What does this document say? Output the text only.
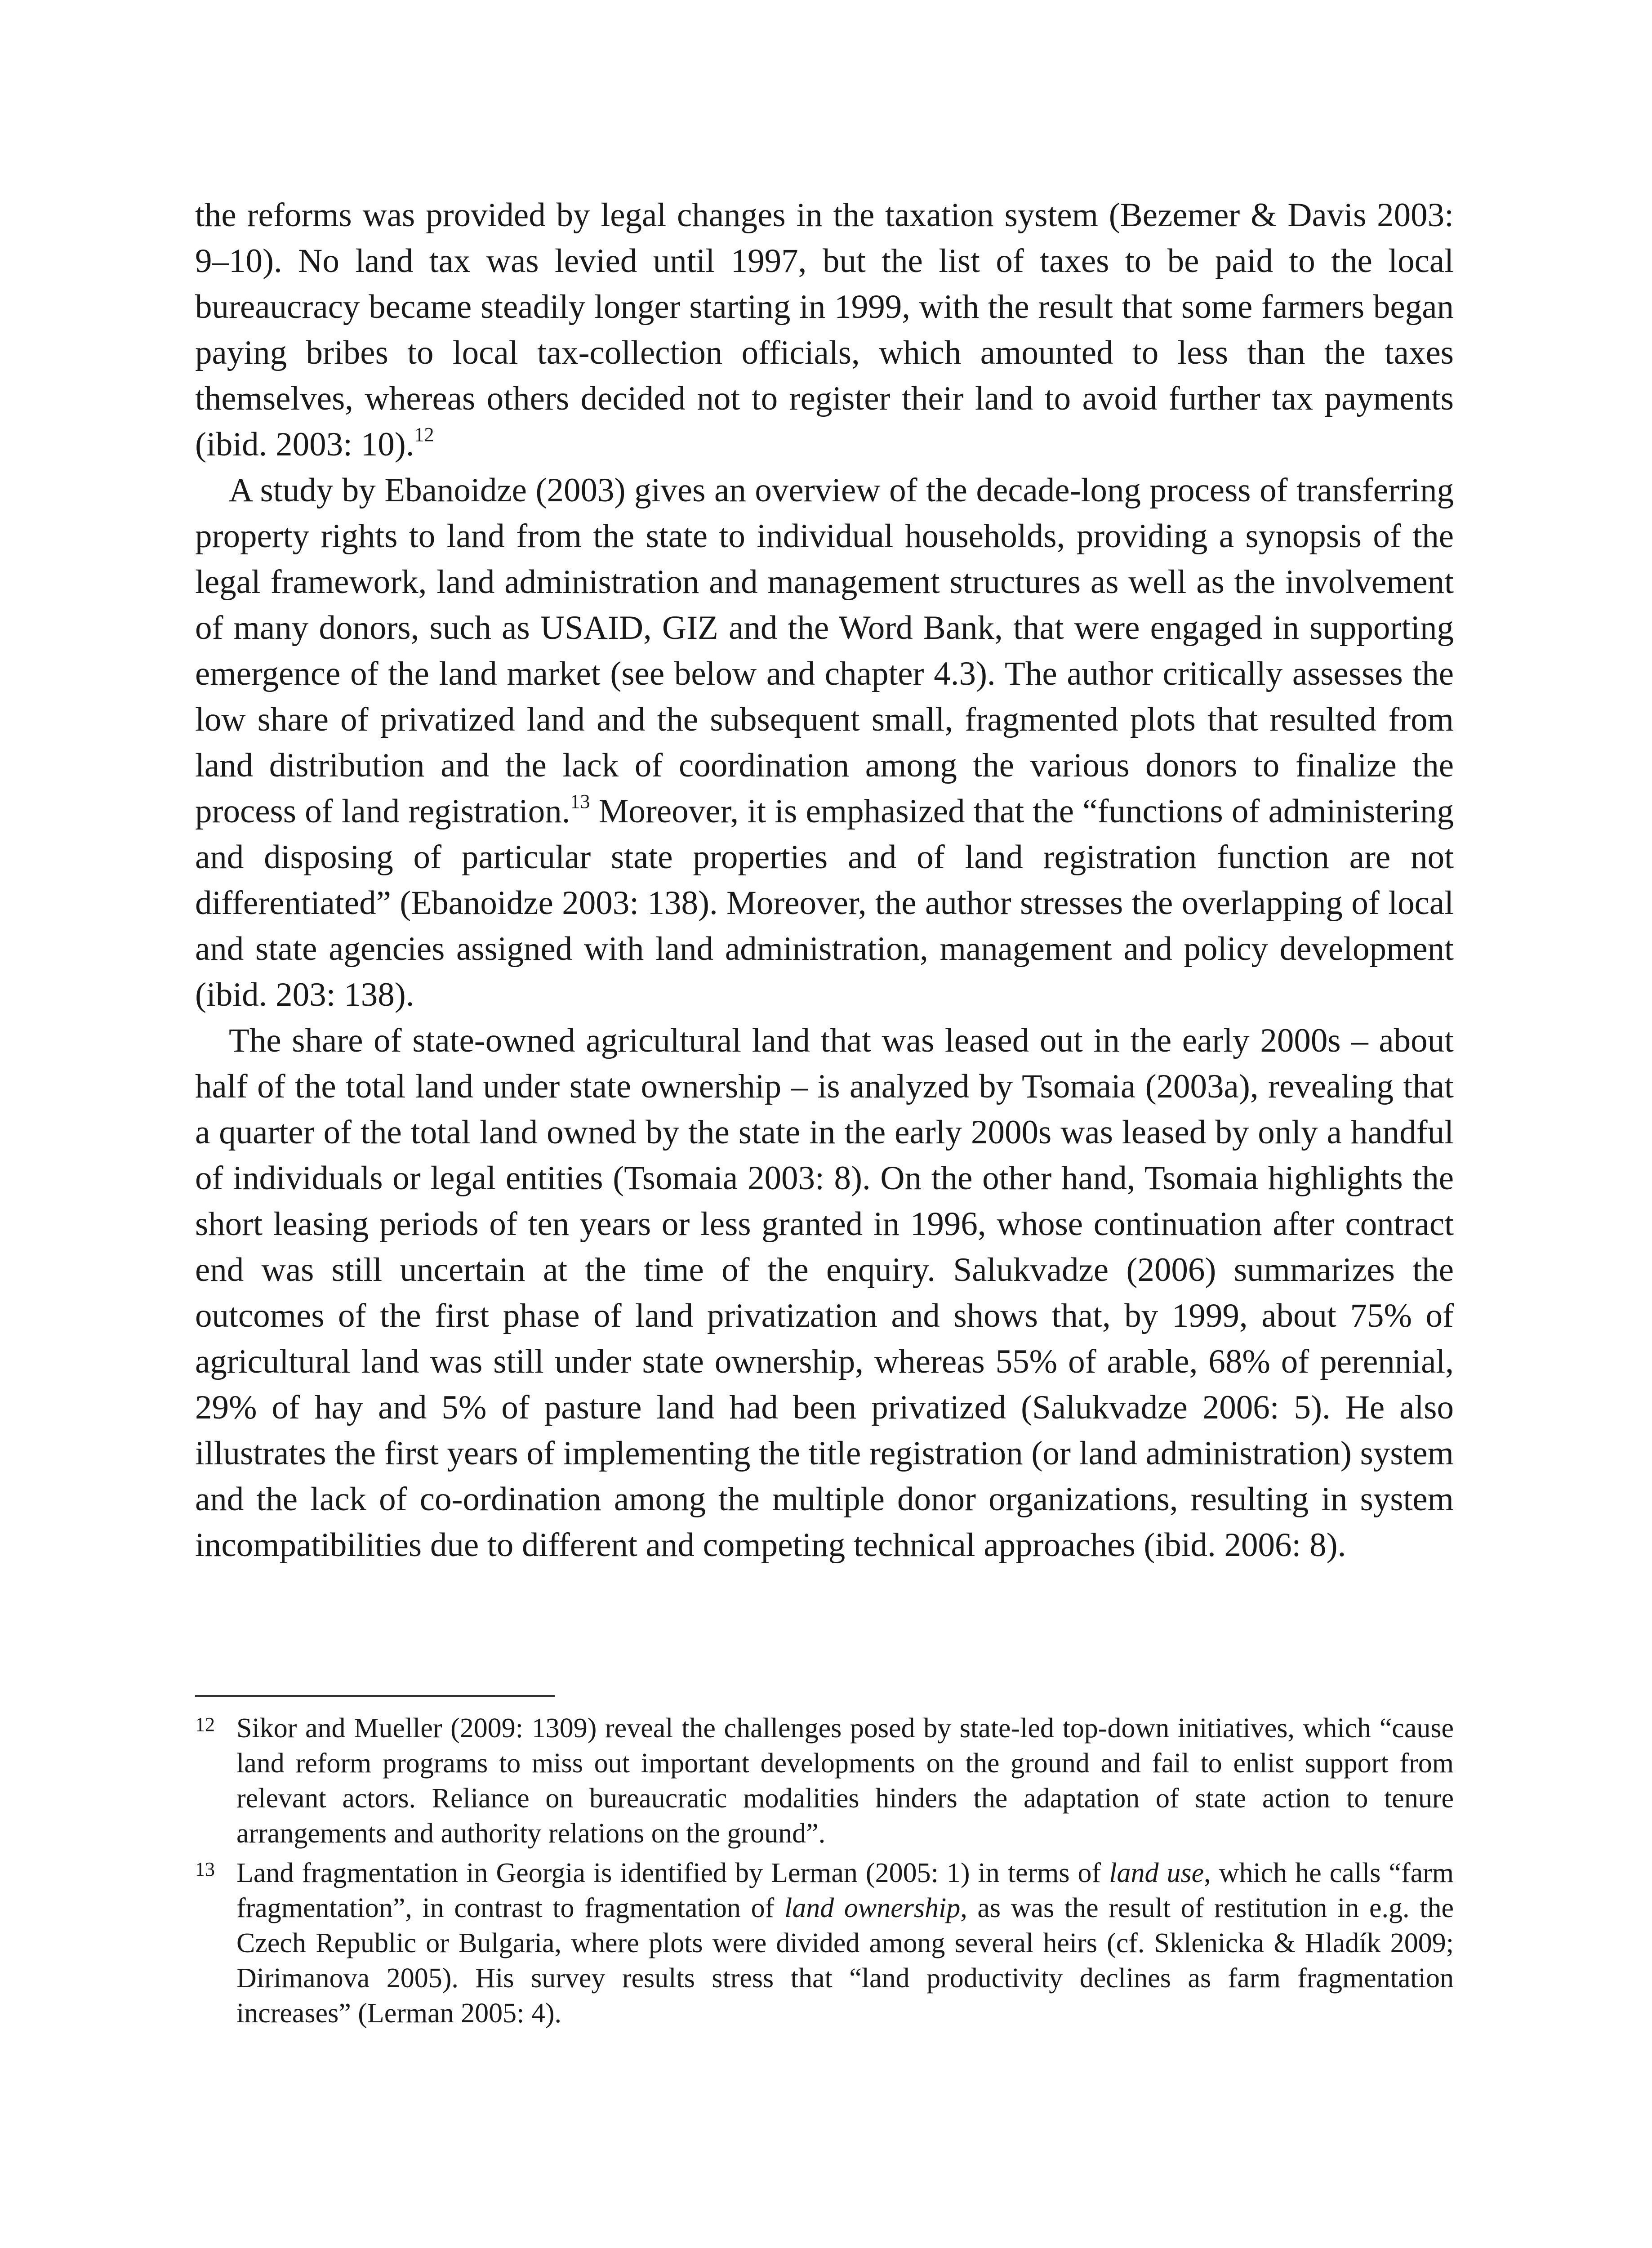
the reforms was provided by legal changes in the taxation system (Bezemer & Davis 2003: 9–10). No land tax was levied until 1997, but the list of taxes to be paid to the local bureaucracy became steadily longer starting in 1999, with the result that some farmers began paying bribes to local tax-collection officials, which amounted to less than the taxes themselves, whereas others decided not to register their land to avoid further tax payments (ibid. 2003: 10).$^{12}$

A study by Ebanoidze (2003) gives an overview of the decade-long process of transferring property rights to land from the state to individual households, providing a synopsis of the legal framework, land administration and management structures as well as the involvement of many donors, such as USAID, GIZ and the Word Bank, that were engaged in supporting emergence of the land market (see below and chapter 4.3). The author critically assesses the low share of privatized land and the subsequent small, fragmented plots that resulted from land distribution and the lack of coordination among the various donors to finalize the process of land registration.$^{13}$ Moreover, it is emphasized that the “functions of administering and disposing of particular state properties and of land registration function are not differentiated” (Ebanoidze 2003: 138). Moreover, the author stresses the overlapping of local and state agencies assigned with land administration, management and policy development (ibid. 203: 138).

The share of state-owned agricultural land that was leased out in the early 2000s – about half of the total land under state ownership – is analyzed by Tsomaia (2003a), revealing that a quarter of the total land owned by the state in the early 2000s was leased by only a handful of individuals or legal entities (Tsomaia 2003: 8). On the other hand, Tsomaia highlights the short leasing periods of ten years or less granted in 1996, whose continuation after contract end was still uncertain at the time of the enquiry. Salukvadze (2006) summarizes the outcomes of the first phase of land privatization and shows that, by 1999, about 75% of agricultural land was still under state ownership, whereas 55% of arable, 68% of perennial, 29% of hay and 5% of pasture land had been privatized (Salukvadze 2006: 5). He also illustrates the first years of implementing the title registration (or land administration) system and the lack of co-ordination among the multiple donor organizations, resulting in system incompatibilities due to different and competing technical approaches (ibid. 2006: 8).

12 Sikor and Mueller (2009: 1309) reveal the challenges posed by state-led top-down initiatives, which “cause land reform programs to miss out important developments on the ground and fail to enlist support from relevant actors. Reliance on bureaucratic modalities hinders the adaptation of state action to tenure arrangements and authority relations on the ground”.

13 Land fragmentation in Georgia is identified by Lerman (2005: 1) in terms of land use, which he calls “farm fragmentation”, in contrast to fragmentation of land ownership, as was the result of restitution in e.g. the Czech Republic or Bulgaria, where plots were divided among several heirs (cf. Sklenicka & Hladík 2009; Dirimanova 2005). His survey results stress that “land productivity declines as farm fragmentation increases” (Lerman 2005: 4).
